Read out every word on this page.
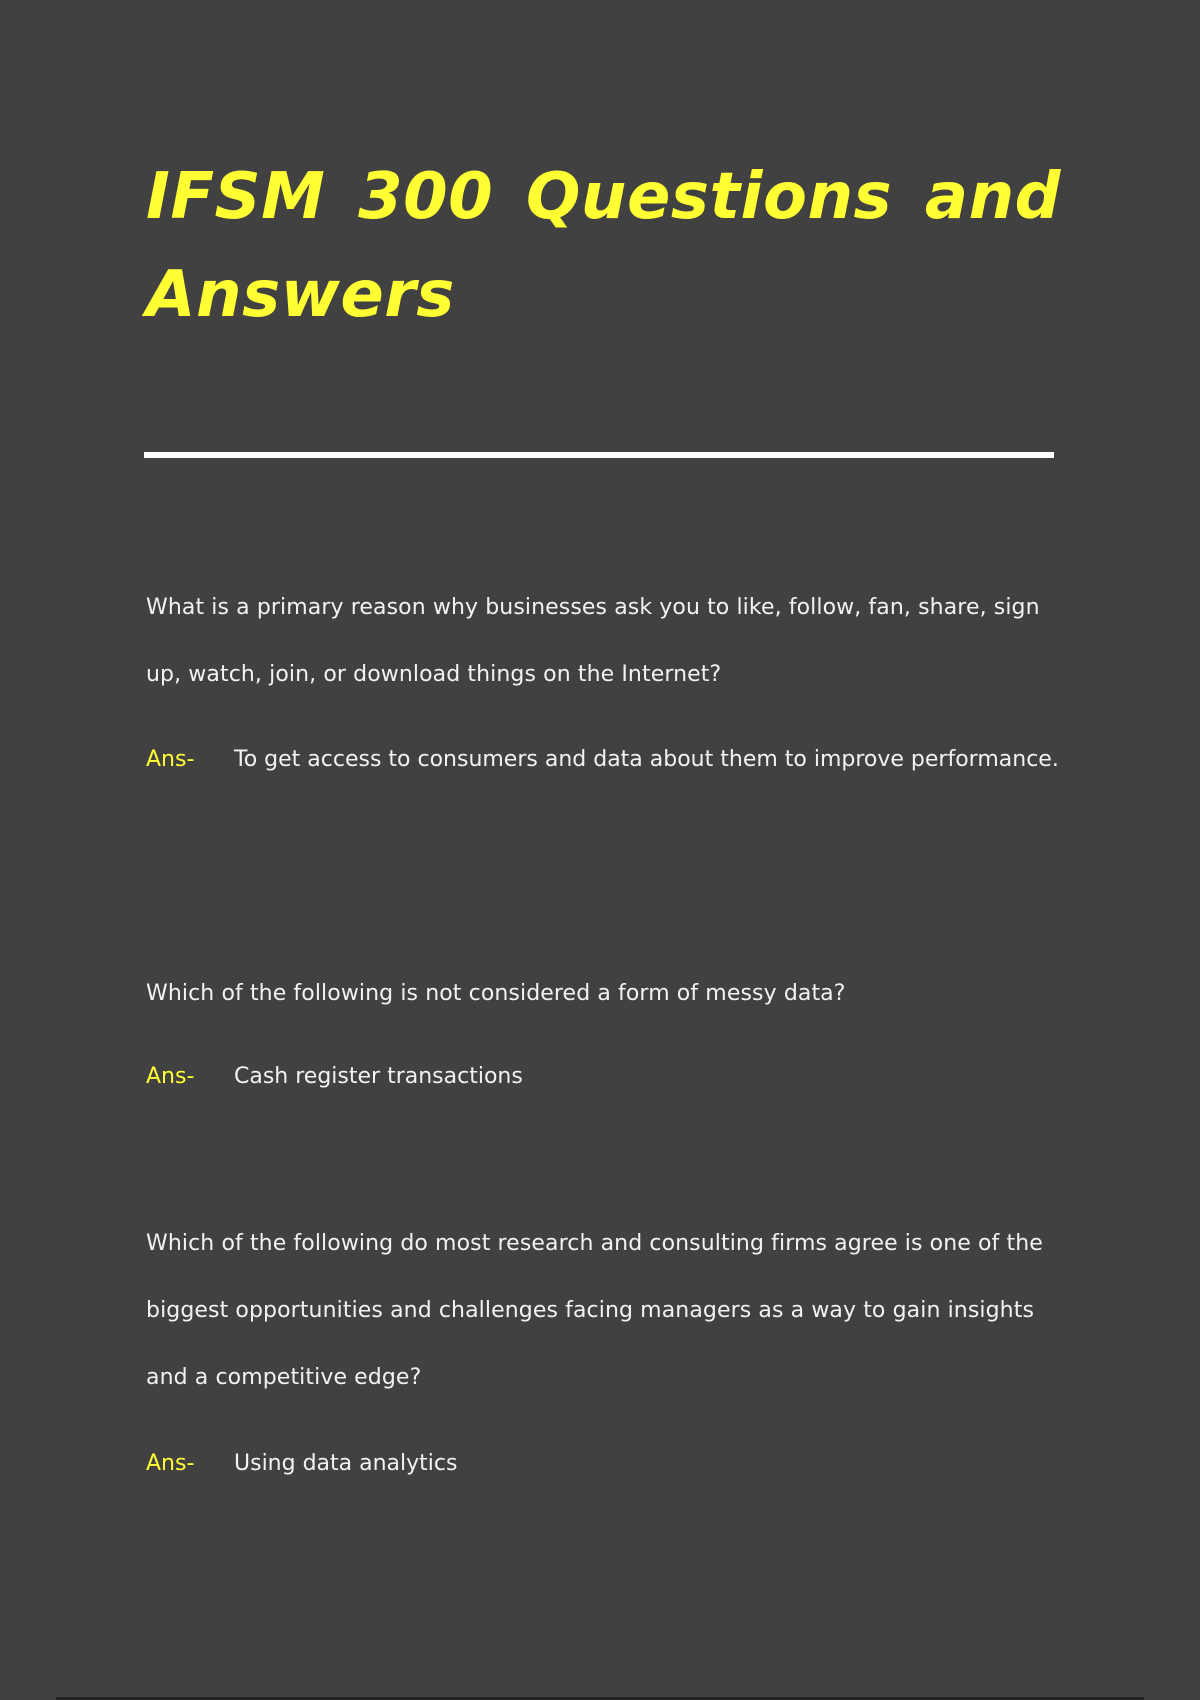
IFSM 300 Questions and Answers

What is a primary reason why businesses ask you to like, follow, fan, share, sign up, watch, join, or download things on the Internet?

Ans- To get access to consumers and data about them to improve performance.

Which of the following is not considered a form of messy data?

Ans- Cash register transactions

Which of the following do most research and consulting firms agree is one of the biggest opportunities and challenges facing managers as a way to gain insights and a competitive edge?

Ans- Using data analytics
